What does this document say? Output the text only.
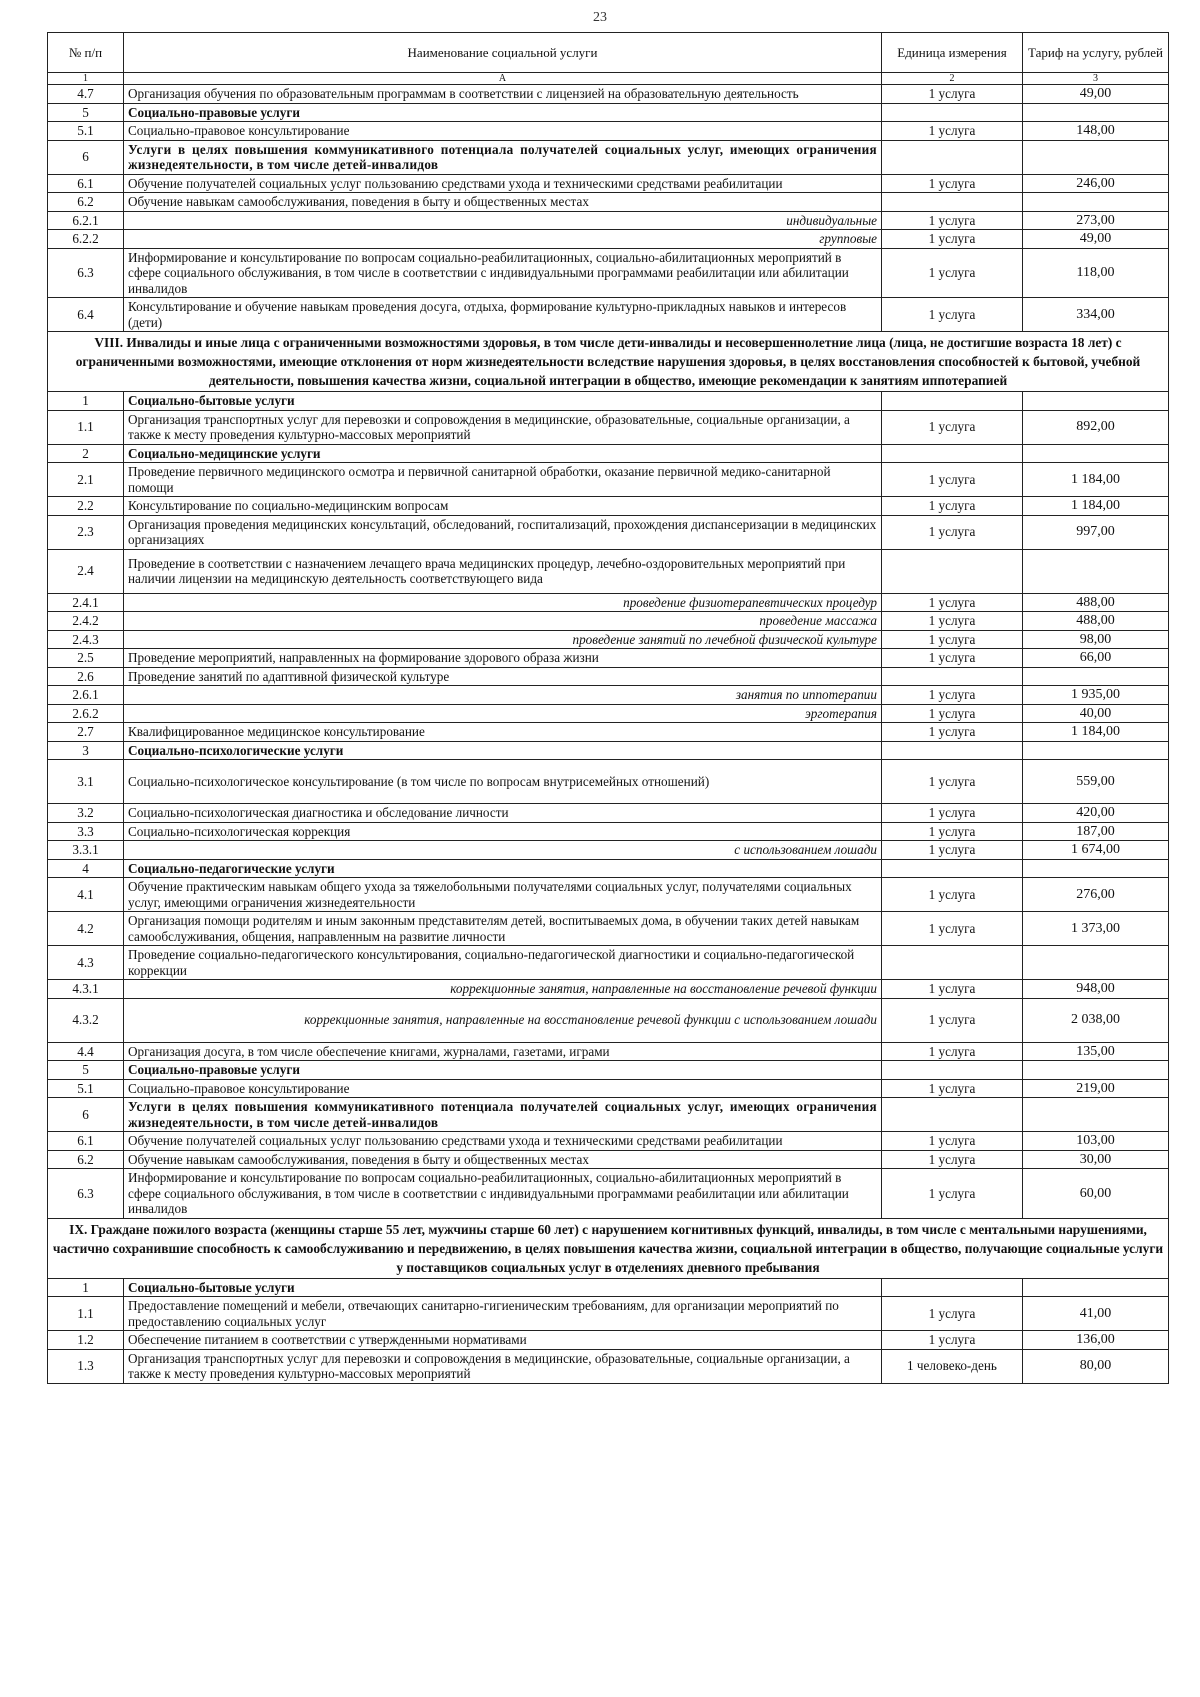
23
№ п/п	Наименование социальной услуги	Единица измерения	Тариф на услугу, рублей
1	А	2	3
4.7	Организация обучения по образовательным программам в соответствии с лицензией на образовательную деятельность	1 услуга	49,00
5	Социально-правовые услуги		
5.1	Социально-правовое консультирование	1 услуга	148,00
6	Услуги в целях повышения коммуникативного потенциала получателей социальных услуг, имеющих ограничения жизнедеятельности, в том числе детей-инвалидов		
6.1	Обучение получателей социальных услуг пользованию средствами ухода и техническими средствами реабилитации	1 услуга	246,00
6.2	Обучение навыкам самообслуживания, поведения в быту и общественных местах		
6.2.1	индивидуальные	1 услуга	273,00
6.2.2	групповые	1 услуга	49,00
6.3	Информирование и консультирование по вопросам социально-реабилитационных, социально-абилитационных мероприятий в сфере социального обслуживания, в том числе в соответствии с индивидуальными программами реабилитации или абилитации инвалидов	1 услуга	118,00
6.4	Консультирование и обучение навыкам проведения досуга, отдыха, формирование культурно-прикладных навыков и интересов (дети)	1 услуга	334,00
VIII. Инвалиды и иные лица с ограниченными возможностями здоровья, в том числе дети-инвалиды и несовершеннолетние лица (лица, не достигшие возраста 18 лет) с ограниченными возможностями, имеющие отклонения от норм жизнедеятельности вследствие нарушения здоровья, в целях восстановления способностей к бытовой, учебной деятельности, повышения качества жизни, социальной интеграции в общество, имеющие рекомендации к занятиям иппотерапией			
1	Социально-бытовые услуги		
1.1	Организация транспортных услуг для перевозки и сопровождения в медицинские, образовательные, социальные организации, а также к месту проведения культурно-массовых мероприятий	1 услуга	892,00
2	Социально-медицинские услуги		
2.1	Проведение первичного медицинского осмотра и первичной санитарной обработки, оказание первичной медико-санитарной помощи	1 услуга	1 184,00
2.2	Консультирование по социально-медицинским вопросам	1 услуга	1 184,00
2.3	Организация проведения медицинских консультаций, обследований, госпитализаций, прохождения диспансеризации в медицинских организациях	1 услуга	997,00
2.4	Проведение в соответствии с назначением лечащего врача медицинских процедур, лечебно-оздоровительных мероприятий при наличии лицензии на медицинскую деятельность соответствующего вида		
2.4.1	проведение физиотерапевтических процедур	1 услуга	488,00
2.4.2	проведение массажа	1 услуга	488,00
2.4.3	проведение занятий по лечебной физической культуре	1 услуга	98,00
2.5	Проведение мероприятий, направленных на формирование здорового образа жизни	1 услуга	66,00
2.6	Проведение занятий по адаптивной физической культуре		
2.6.1	занятия по иппотерапии	1 услуга	1 935,00
2.6.2	эрготерапия	1 услуга	40,00
2.7	Квалифицированное медицинское консультирование	1 услуга	1 184,00
3	Социально-психологические услуги		
3.1	Социально-психологическое консультирование (в том числе по вопросам внутрисемейных отношений)	1 услуга	559,00
3.2	Социально-психологическая диагностика и обследование личности	1 услуга	420,00
3.3	Социально-психологическая коррекция	1 услуга	187,00
3.3.1	с использованием лошади	1 услуга	1 674,00
4	Социально-педагогические услуги		
4.1	Обучение практическим навыкам общего ухода за тяжелобольными получателями социальных услуг, получателями социальных услуг, имеющими ограничения жизнедеятельности	1 услуга	276,00
4.2	Организация помощи родителям и иным законным представителям детей, воспитываемых дома, в обучении таких детей навыкам самообслуживания, общения, направленным на развитие личности	1 услуга	1 373,00
4.3	Проведение социально-педагогического консультирования, социально-педагогической диагностики и социально-педагогической коррекции		
4.3.1	коррекционные занятия, направленные на восстановление речевой функции	1 услуга	948,00
4.3.2	коррекционные занятия, направленные на восстановление речевой функции с использованием лошади	1 услуга	2 038,00
4.4	Организация досуга, в том числе обеспечение книгами, журналами, газетами, играми	1 услуга	135,00
5	Социально-правовые услуги		
5.1	Социально-правовое консультирование	1 услуга	219,00
6	Услуги в целях повышения коммуникативного потенциала получателей социальных услуг, имеющих ограничения жизнедеятельности, в том числе детей-инвалидов		
6.1	Обучение получателей социальных услуг пользованию средствами ухода и техническими средствами реабилитации	1 услуга	103,00
6.2	Обучение навыкам самообслуживания, поведения в быту и общественных местах	1 услуга	30,00
6.3	Информирование и консультирование по вопросам социально-реабилитационных, социально-абилитационных мероприятий в сфере социального обслуживания, в том числе в соответствии с индивидуальными программами реабилитации или абилитации инвалидов	1 услуга	60,00
IX. Граждане пожилого возраста (женщины старше 55 лет, мужчины старше 60 лет) с нарушением когнитивных функций, инвалиды, в том числе с ментальными нарушениями, частично сохранившие способность к самообслуживанию и передвижению, в целях повышения качества жизни, социальной интеграции в общество, получающие социальные услуги у поставщиков социальных услуг в отделениях дневного пребывания			
1	Социально-бытовые услуги		
1.1	Предоставление помещений и мебели, отвечающих санитарно-гигиеническим требованиям, для организации мероприятий по предоставлению социальных услуг	1 услуга	41,00
1.2	Обеспечение питанием в соответствии с утвержденными нормативами	1 услуга	136,00
1.3	Организация транспортных услуг для перевозки и сопровождения в медицинские, образовательные, социальные организации, а также к месту проведения культурно-массовых мероприятий	1 человеко-день	80,00
